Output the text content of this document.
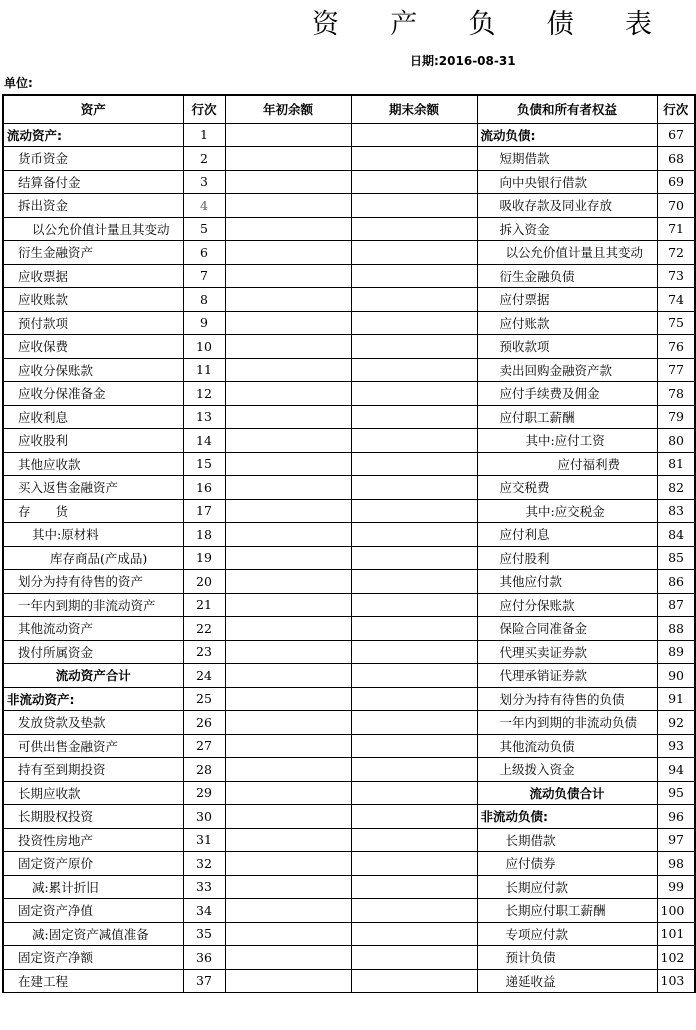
资 产 负 债 表
日期:2016-08-31
单位:
资产	行次	年初余额	期末余额	负债和所有者权益	行次
流动资产:	1			流动负债:	67
货币资金	2			短期借款	68
结算备付金	3			向中央银行借款	69
拆出资金	4			吸收存款及同业存放	70
以公允价值计量且其变动	5			拆入资金	71
衍生金融资产	6			以公允价值计量且其变动	72
应收票据	7			衍生金融负债	73
应收账款	8			应付票据	74
预付款项	9			应付账款	75
应收保费	10			预收款项	76
应收分保账款	11			卖出回购金融资产款	77
应收分保准备金	12			应付手续费及佣金	78
应收利息	13			应付职工薪酬	79
应收股利	14			其中:应付工资	80
其他应收款	15			应付福利费	81
买入返售金融资产	16			应交税费	82
存　　货	17			其中:应交税金	83
其中:原材料	18			应付利息	84
库存商品(产成品)	19			应付股利	85
划分为持有待售的资产	20			其他应付款	86
一年内到期的非流动资产	21			应付分保账款	87
其他流动资产	22			保险合同准备金	88
拨付所属资金	23			代理买卖证券款	89
流动资产合计	24			代理承销证券款	90
非流动资产:	25			划分为持有待售的负债	91
发放贷款及垫款	26			一年内到期的非流动负债	92
可供出售金融资产	27			其他流动负债	93
持有至到期投资	28			上级拨入资金	94
长期应收款	29			流动负债合计	95
长期股权投资	30			非流动负债:	96
投资性房地产	31			长期借款	97
固定资产原价	32			应付债券	98
减:累计折旧	33			长期应付款	99
固定资产净值	34			长期应付职工薪酬	100
减:固定资产减值准备	35			专项应付款	101
固定资产净额	36			预计负债	102
在建工程	37			递延收益	103
